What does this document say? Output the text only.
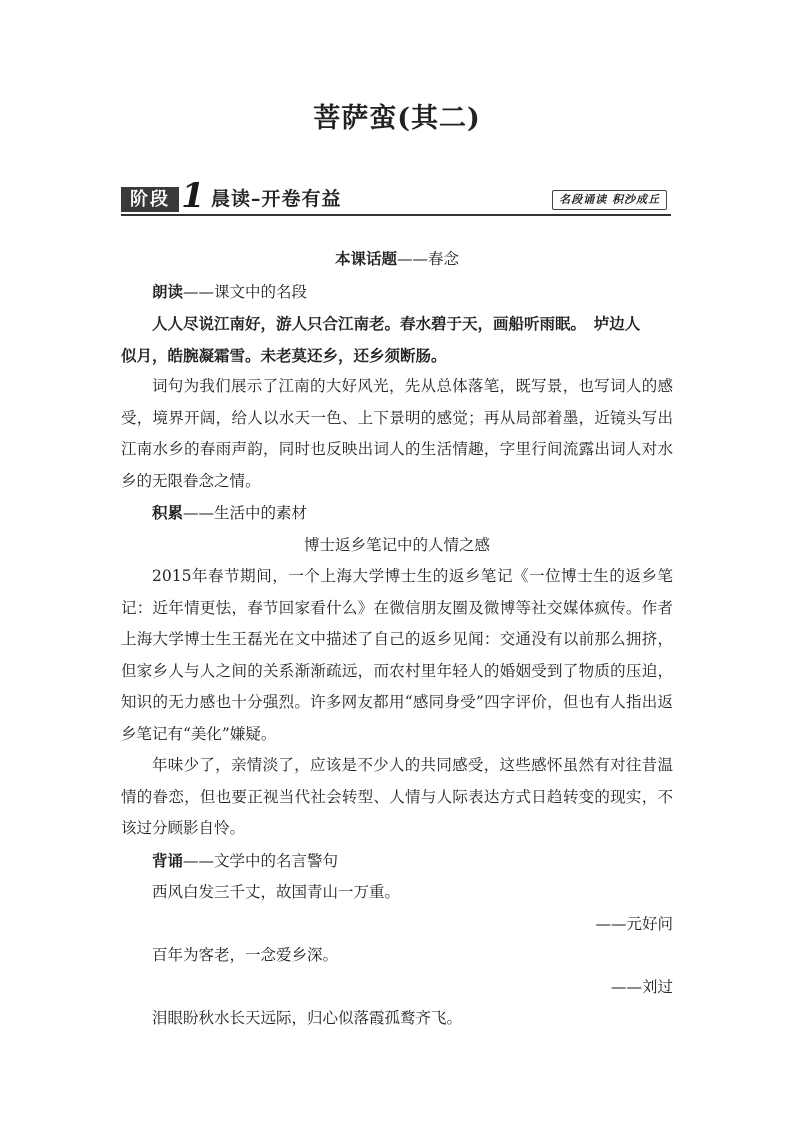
菩萨蛮(其二)
阶段 1 晨读–开卷有益	名段诵读 积沙成丘

本课话题——春念

朗读——课文中的名段

人人尽说江南好，游人只合江南老。春水碧于天，画船听雨眠。　垆边人

似月，皓腕凝霜雪。未老莫还乡，还乡须断肠。

词句为我们展示了江南的大好风光，先从总体落笔，既写景，也写词人的感受，境界开阔，给人以水天一色、上下景明的感觉；再从局部着墨，近镜头写出江南水乡的春雨声韵，同时也反映出词人的生活情趣，字里行间流露出词人对水乡的无限眷念之情。

积累——生活中的素材

博士返乡笔记中的人情之感

2015年春节期间，一个上海大学博士生的返乡笔记《一位博士生的返乡笔记：近年情更怯，春节回家看什么》在微信朋友圈及微博等社交媒体疯传。作者上海大学博士生王磊光在文中描述了自己的返乡见闻：交通没有以前那么拥挤，但家乡人与人之间的关系渐渐疏远，而农村里年轻人的婚姻受到了物质的压迫，知识的无力感也十分强烈。许多网友都用“感同身受”四字评价，但也有人指出返乡笔记有“美化”嫌疑。

年味少了，亲情淡了，应该是不少人的共同感受，这些感怀虽然有对往昔温情的眷恋，但也要正视当代社会转型、人情与人际表达方式日趋转变的现实，不该过分顾影自怜。

背诵——文学中的名言警句

西风白发三千丈，故国青山一万重。

——元好问

百年为客老，一念爱乡深。

——刘过

泪眼盼秋水长天远际，归心似落霞孤鹜齐飞。
